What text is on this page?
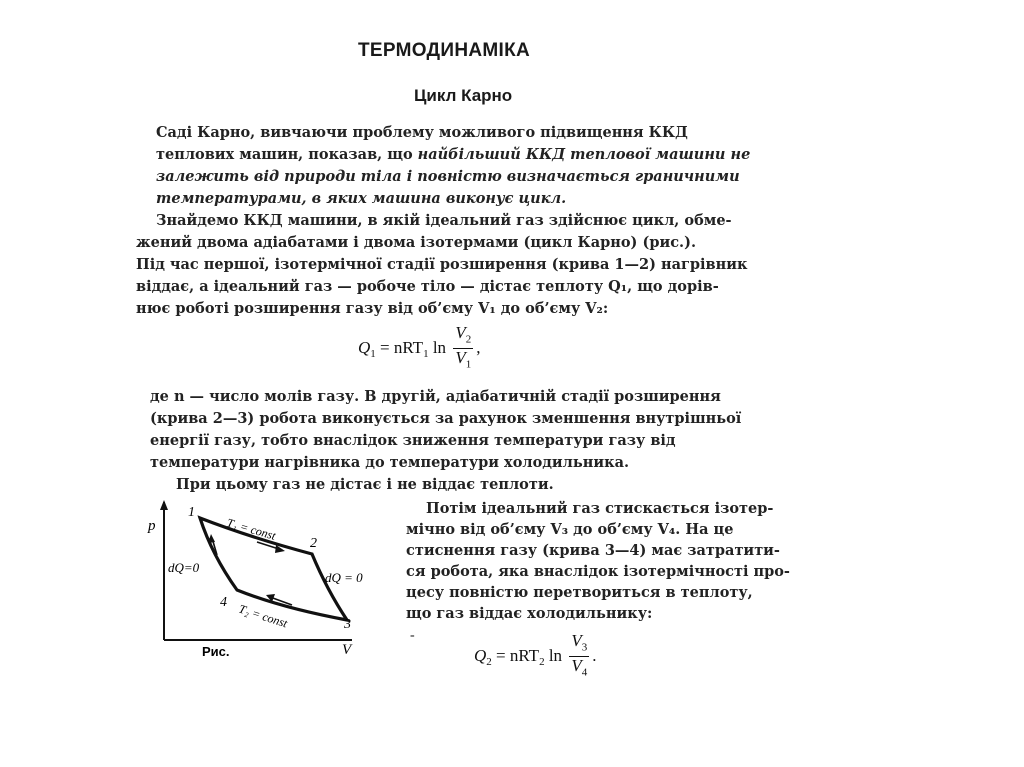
ТЕРМОДИНАМІКА
Цикл Карно
Саді Карно, вивчаючи проблему можливого підвищення ККД
теплових машин, показав, що найбільший ККД теплової машини не
залежить від природи тіла і повністю визначається граничними
температурами, в яких машина виконує цикл.
Знайдемо ККД машини, в якій ідеальний газ здійснює цикл, обме-
жений двома адіабатами і двома ізотермами (цикл Карно) (рис.).
Під час першої, ізотермічної стадії розширення (крива 1—2) нагрівник
віддає, а ідеальний газ — робоче тіло — дістає теплоту Q₁, що дорів-
нює роботі розширення газу від об’єму V₁ до об’єму V₂:
$Q_1 = nRT_1$ $\ln \frac{V_2}{V_1}$ ,
де n — число молів газу. В другій, адіабатичній стадії розширення
(крива 2—3) робота виконується за рахунок зменшення внутрішньої
енергії газу, тобто внаслідок зниження температури газу від
температури нагрівника до температури холодильника.
При цьому газ не дістає і не віддає теплоти.
p
V
1
2
3
4
T₁ = const
T₂ = const
dQ=0
dQ = 0
Рис.
Потім ідеальний газ стискається ізотер-
мічно від об’єму V₃ до об’єму V₄. На це
стиснення газу (крива 3—4) має затратити-
ся робота, яка внаслідок ізотермічності про-
цесу повністю перетвориться в теплоту,
що газ віддає холодильнику:
-
$Q_2 = nRT_2$ $\ln \frac{V_3}{V_4}$ .
